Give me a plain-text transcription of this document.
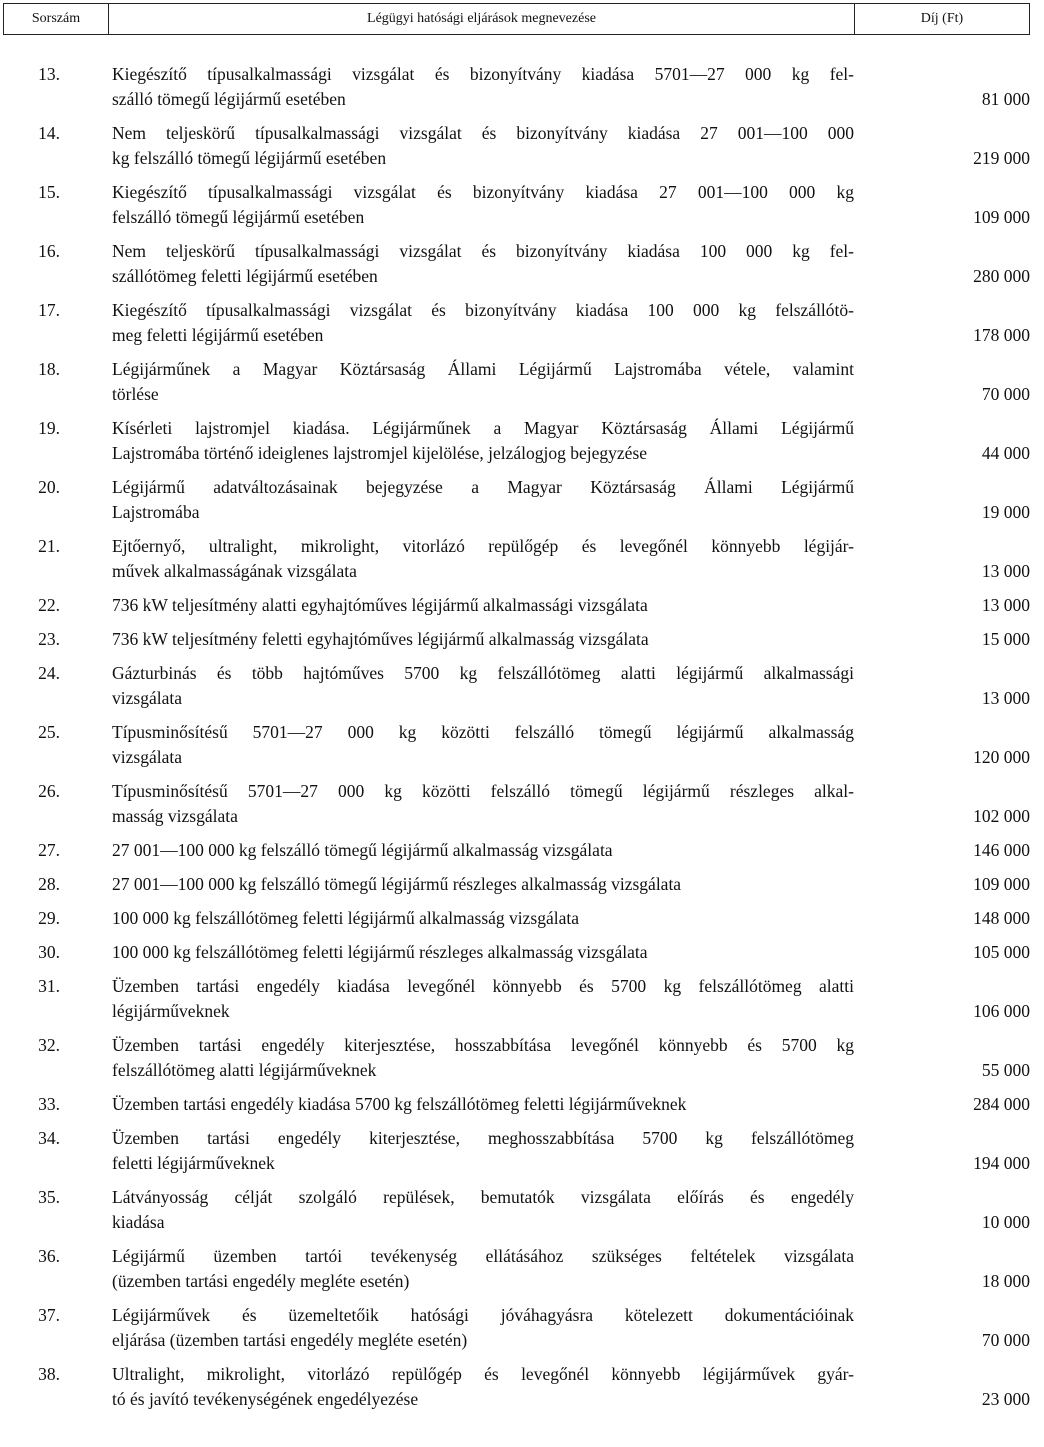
Sorszám	Légügyi hatósági eljárások megnevezése	Díj (Ft)
13.	Kiegészítő típusalkalmassági vizsgálat és bizonyítvány kiadása 5701—27 000 kg fel-
szálló tömegű légijármű esetében	81 000
14.	Nem teljeskörű típusalkalmassági vizsgálat és bizonyítvány kiadása 27 001—100 000
kg felszálló tömegű légijármű esetében	219 000
15.	Kiegészítő típusalkalmassági vizsgálat és bizonyítvány kiadása 27 001—100 000 kg
felszálló tömegű légijármű esetében	109 000
16.	Nem teljeskörű típusalkalmassági vizsgálat és bizonyítvány kiadása 100 000 kg fel-
szállótömeg feletti légijármű esetében	280 000
17.	Kiegészítő típusalkalmassági vizsgálat és bizonyítvány kiadása 100 000 kg felszállótö-
meg feletti légijármű esetében	178 000
18.	Légijárműnek a Magyar Köztársaság Állami Légijármű Lajstromába vétele, valamint
törlése	70 000
19.	Kísérleti lajstromjel kiadása. Légijárműnek a Magyar Köztársaság Állami Légijármű
Lajstromába történő ideiglenes lajstromjel kijelölése, jelzálogjog bejegyzése	44 000
20.	Légijármű adatváltozásainak bejegyzése a Magyar Köztársaság Állami Légijármű
Lajstromába	19 000
21.	Ejtőernyő, ultralight, mikrolight, vitorlázó repülőgép és levegőnél könnyebb légijár-
művek alkalmasságának vizsgálata	13 000
22.	736 kW teljesítmény alatti egyhajtóműves légijármű alkalmassági vizsgálata	13 000
23.	736 kW teljesítmény feletti egyhajtóműves légijármű alkalmasság vizsgálata	15 000
24.	Gázturbinás és több hajtóműves 5700 kg felszállótömeg alatti légijármű alkalmassági
vizsgálata	13 000
25.	Típusminősítésű 5701—27 000 kg közötti felszálló tömegű légijármű alkalmasság
vizsgálata	120 000
26.	Típusminősítésű 5701—27 000 kg közötti felszálló tömegű légijármű részleges alkal-
masság vizsgálata	102 000
27.	27 001—100 000 kg felszálló tömegű légijármű alkalmasság vizsgálata	146 000
28.	27 001—100 000 kg felszálló tömegű légijármű részleges alkalmasság vizsgálata	109 000
29.	100 000 kg felszállótömeg feletti légijármű alkalmasság vizsgálata	148 000
30.	100 000 kg felszállótömeg feletti légijármű részleges alkalmasság vizsgálata	105 000
31.	Üzemben tartási engedély kiadása levegőnél könnyebb és 5700 kg felszállótömeg alatti
légijárműveknek	106 000
32.	Üzemben tartási engedély kiterjesztése, hosszabbítása levegőnél könnyebb és 5700 kg
felszállótömeg alatti légijárműveknek	55 000
33.	Üzemben tartási engedély kiadása 5700 kg felszállótömeg feletti légijárműveknek	284 000
34.	Üzemben tartási engedély kiterjesztése, meghosszabbítása 5700 kg felszállótömeg
feletti légijárműveknek	194 000
35.	Látványosság célját szolgáló repülések, bemutatók vizsgálata előírás és engedély
kiadása	10 000
36.	Légijármű üzemben tartói tevékenység ellátásához szükséges feltételek vizsgálata
(üzemben tartási engedély megléte esetén)	18 000
37.	Légijárművek és üzemeltetőik hatósági jóváhagyásra kötelezett dokumentációinak
eljárása (üzemben tartási engedély megléte esetén)	70 000
38.	Ultralight, mikrolight, vitorlázó repülőgép és levegőnél könnyebb légijárművek gyár-
tó és javító tevékenységének engedélyezése	23 000
